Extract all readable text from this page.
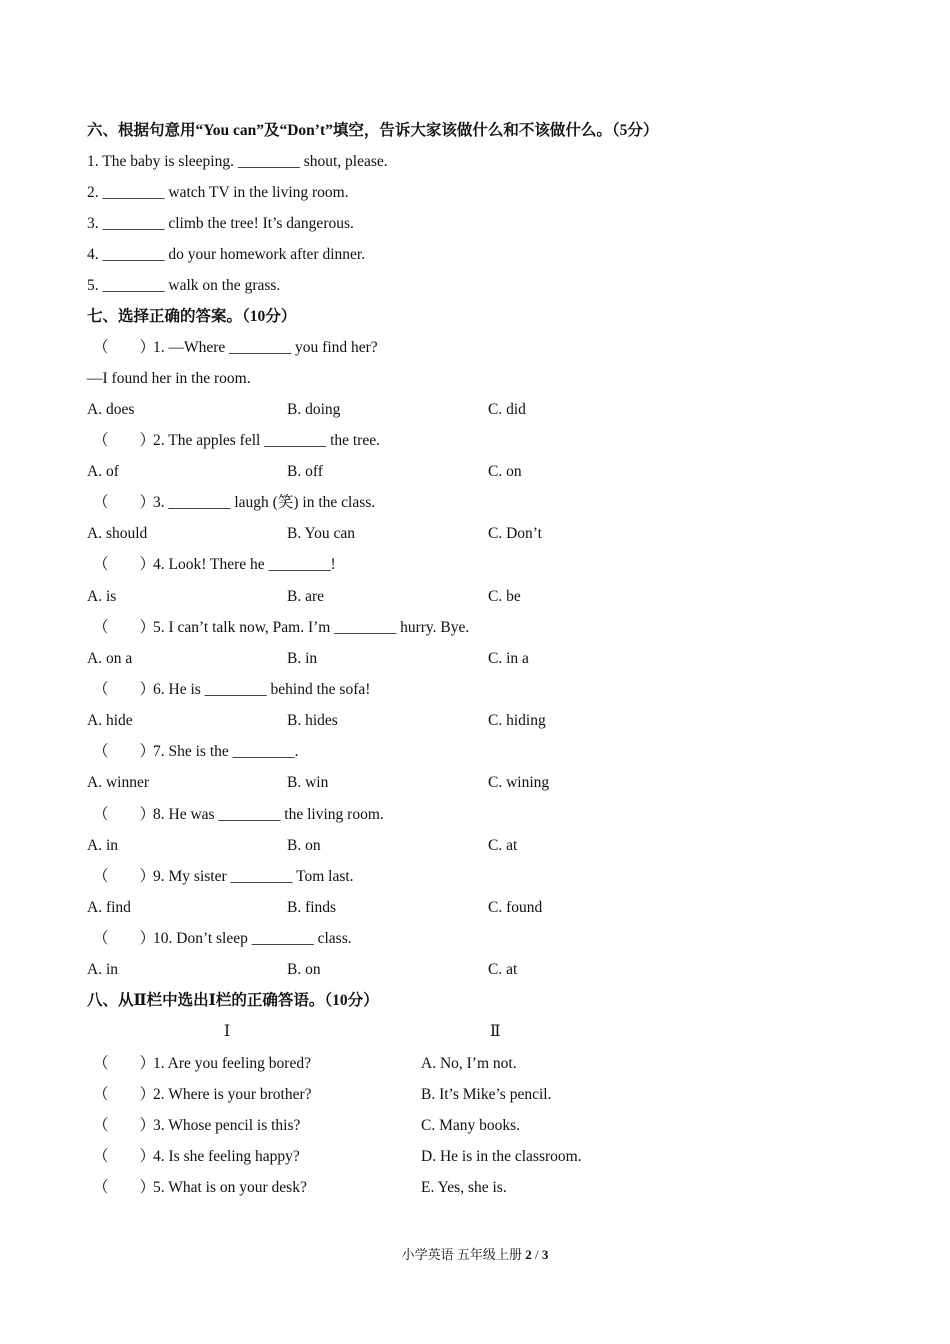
六、根据句意用“You can”及“Don’t”填空，告诉大家该做什么和不该做什么。（5分）
1. The baby is sleeping. ________ shout, please.
2. ________ watch TV in the living room.
3. ________ climb the tree! It’s dangerous.
4. ________ do your homework after dinner.
5. ________ walk on the grass.
七、选择正确的答案。（10分）
（        ）
1. —Where ________ you find her?
—I found her in the room.
A. does	B. doing	C. did
（        ）
2. The apples fell ________ the tree.
A. of	B. off	C. on
（        ）
3. ________ laugh (笑) in the class.
A. should	B. You can	C. Don’t
（        ）
4. Look! There he ________!
A. is	B. are	C. be
（        ）
5. I can’t talk now, Pam. I’m ________ hurry. Bye.
A. on a	B. in	C. in a
（        ）
6. He is ________ behind the sofa!
A. hide	B. hides	C. hiding
（        ）
7. She is the ________.
A. winner	B. win	C. wining
（        ）
8. He was ________ the living room.
A. in	B. on	C. at
（        ）
9. My sister ________ Tom last.
A. find	B. finds	C. found
（        ）
10. Don’t sleep ________ class.
A. in	B. on	C. at
八、从Ⅱ栏中选出Ⅰ栏的正确答语。（10分）
Ⅰ	Ⅱ
（        ）
1. Are you feeling bored?	A. No, I’m not.
（        ）
2. Where is your brother?	B. It’s Mike’s pencil.
（        ）
3. Whose pencil is this?	C. Many books.
（        ）
4. Is she feeling happy?	D. He is in the classroom.
（        ）
5. What is on your desk?	E. Yes, she is.
小学英语 五年级上册 2 / 3
